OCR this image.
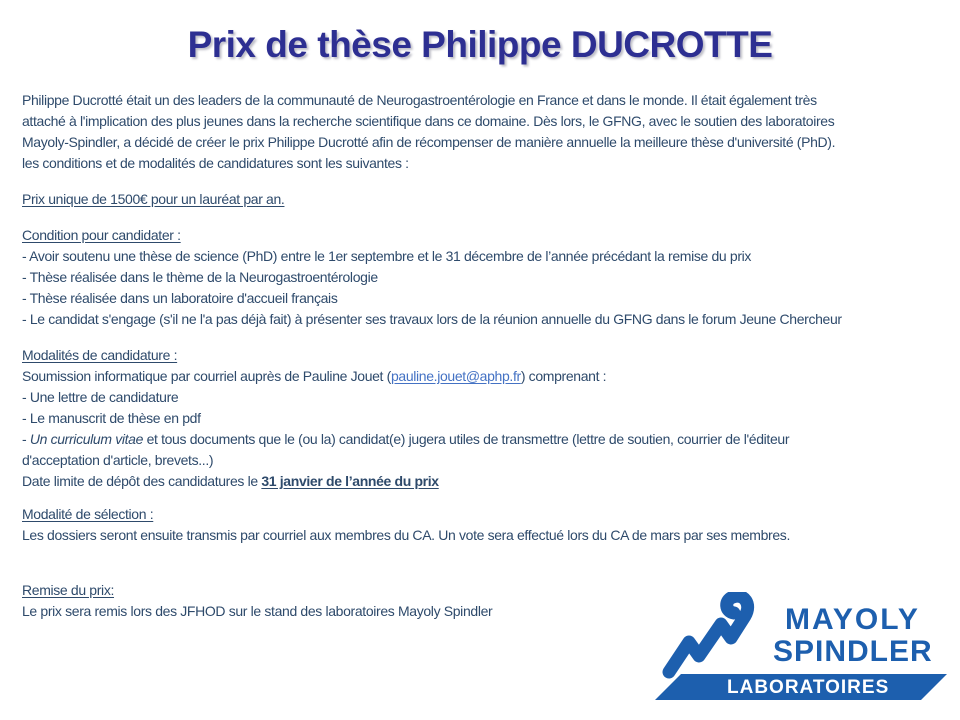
Prix de thèse Philippe DUCROTTE
Philippe Ducrotté était un des leaders de la communauté de Neurogastroentérologie en France et dans le monde. Il était également très
attaché à l'implication des plus jeunes dans la recherche scientifique dans ce domaine. Dès lors, le GFNG, avec le soutien des laboratoires
Mayoly-Spindler, a décidé de créer le prix Philippe Ducrotté afin de récompenser de manière annuelle la meilleure thèse d'université (PhD).
les conditions et de modalités de candidatures sont les suivantes :
Prix unique de 1500€ pour un lauréat par an.
Condition pour candidater :
- Avoir soutenu une thèse de science (PhD) entre le 1er septembre et le 31 décembre de l’année précédant la remise du prix
- Thèse réalisée dans le thème de la Neurogastroentérologie
- Thèse réalisée dans un laboratoire d'accueil français
- Le candidat s'engage (s'il ne l'a pas déjà fait) à présenter ses travaux lors de la réunion annuelle du GFNG dans le forum Jeune Chercheur
Modalités de candidature :
Soumission informatique par courriel auprès de Pauline Jouet (pauline.jouet@aphp.fr) comprenant :
- Une lettre de candidature
- Le manuscrit de thèse en pdf
- Un curriculum vitae et tous documents que le (ou la) candidat(e) jugera utiles de transmettre (lettre de soutien, courrier de l'éditeur
d'acceptation d'article, brevets...)
Date limite de dépôt des candidatures le 31 janvier de l’année du prix
Modalité de sélection :
Les dossiers seront ensuite transmis par courriel aux membres du CA. Un vote sera effectué lors du CA de mars par ses membres.
Remise du prix:
Le prix sera remis lors des JFHOD sur le stand des laboratoires Mayoly Spindler	MAYOLY
SPINDLER
LABORATOIRES
